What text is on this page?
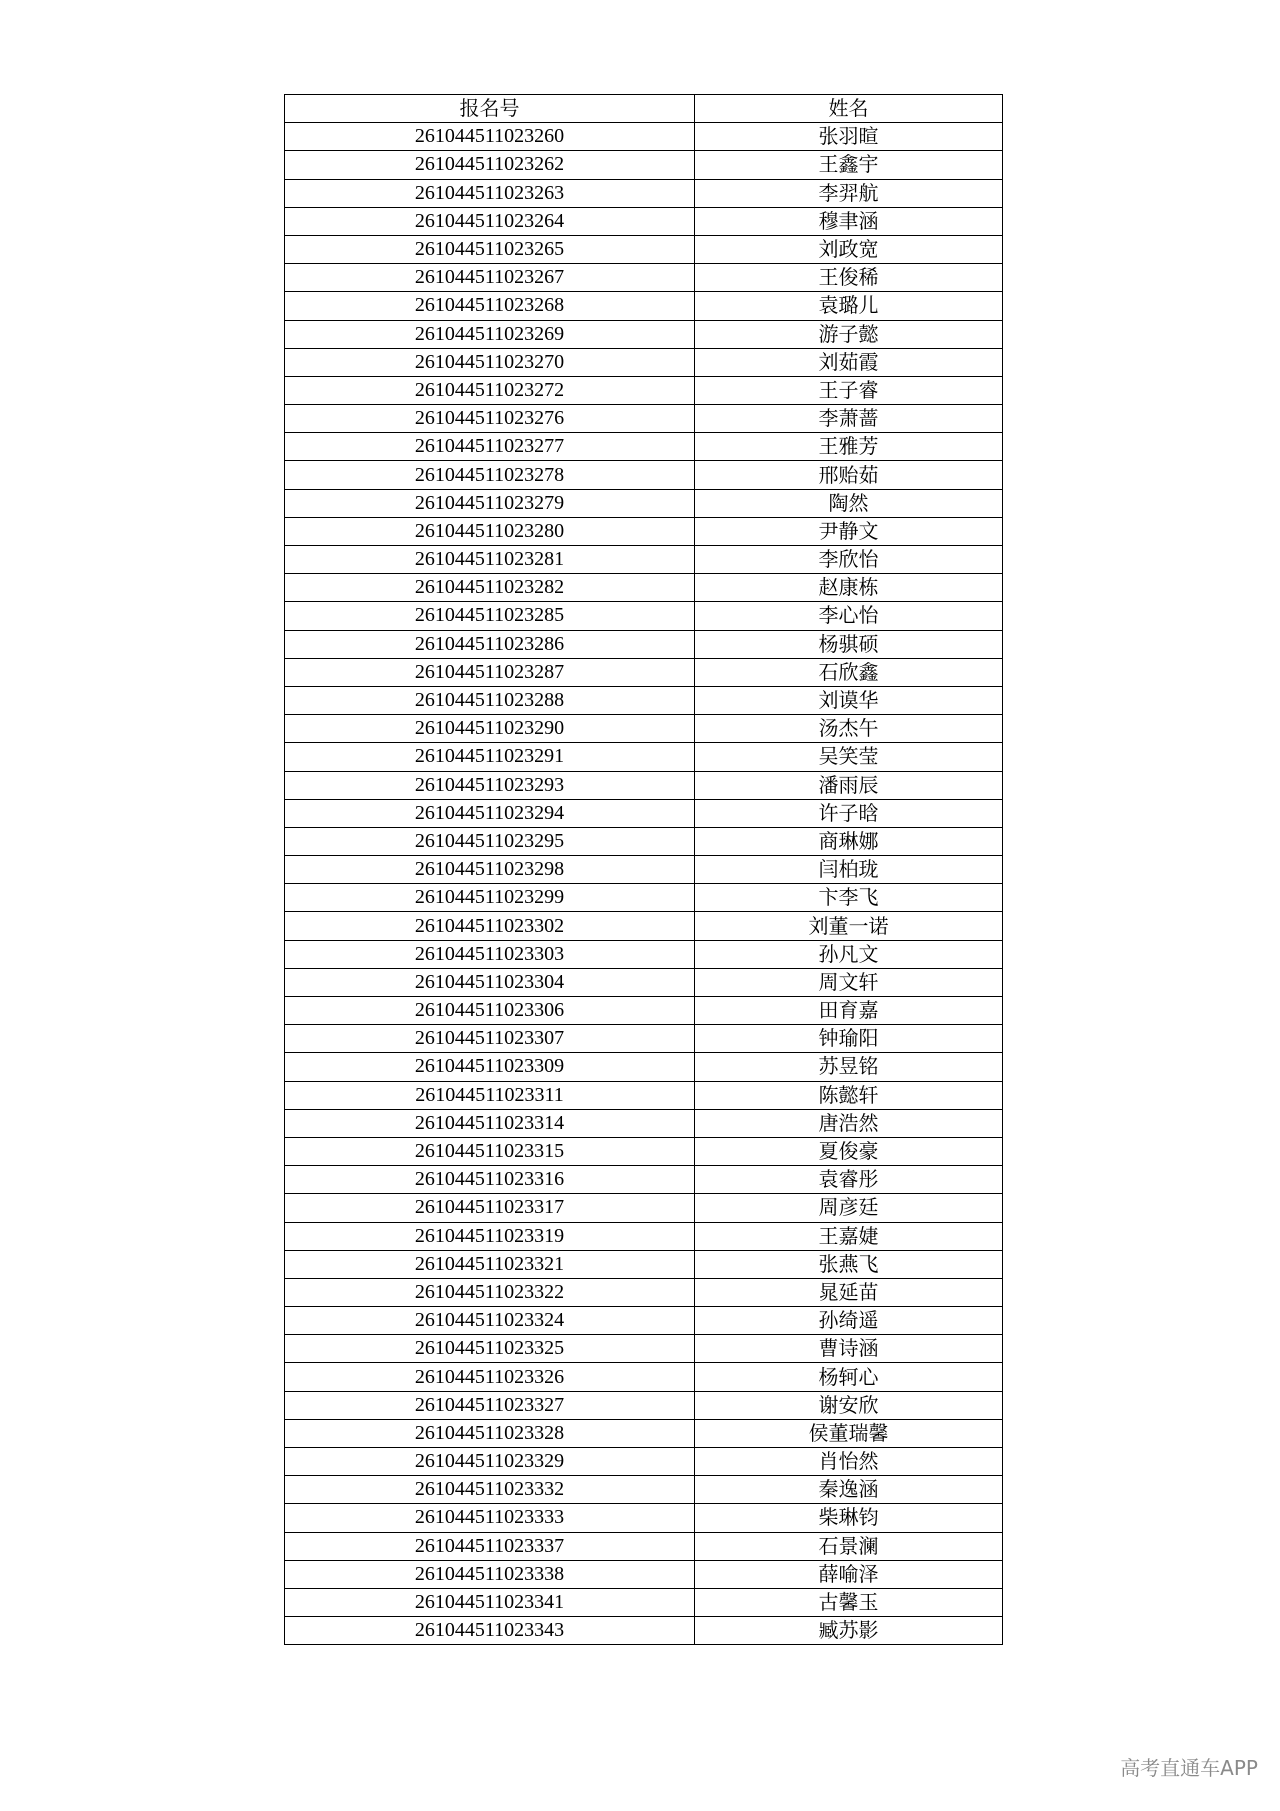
报名号	姓名
261044511023260	张羽暄
261044511023262	王鑫宇
261044511023263	李羿航
261044511023264	穆聿涵
261044511023265	刘政宽
261044511023267	王俊稀
261044511023268	袁璐儿
261044511023269	游子懿
261044511023270	刘茹霞
261044511023272	王子睿
261044511023276	李萧蔷
261044511023277	王雅芳
261044511023278	邢贻茹
261044511023279	陶然
261044511023280	尹静文
261044511023281	李欣怡
261044511023282	赵康栋
261044511023285	李心怡
261044511023286	杨骐硕
261044511023287	石欣鑫
261044511023288	刘谟华
261044511023290	汤杰午
261044511023291	吴笑莹
261044511023293	潘雨辰
261044511023294	许子晗
261044511023295	商琳娜
261044511023298	闫柏珑
261044511023299	卞李飞
261044511023302	刘董一诺
261044511023303	孙凡文
261044511023304	周文轩
261044511023306	田育嘉
261044511023307	钟瑜阳
261044511023309	苏昱铭
261044511023311	陈懿轩
261044511023314	唐浩然
261044511023315	夏俊豪
261044511023316	袁睿彤
261044511023317	周彦廷
261044511023319	王嘉婕
261044511023321	张燕飞
261044511023322	晁延苗
261044511023324	孙绮遥
261044511023325	曹诗涵
261044511023326	杨轲心
261044511023327	谢安欣
261044511023328	侯董瑞馨
261044511023329	肖怡然
261044511023332	秦逸涵
261044511023333	柴琳钧
261044511023337	石景澜
261044511023338	薛喻泽
261044511023341	古馨玉
261044511023343	臧苏影
高考直通车APP
